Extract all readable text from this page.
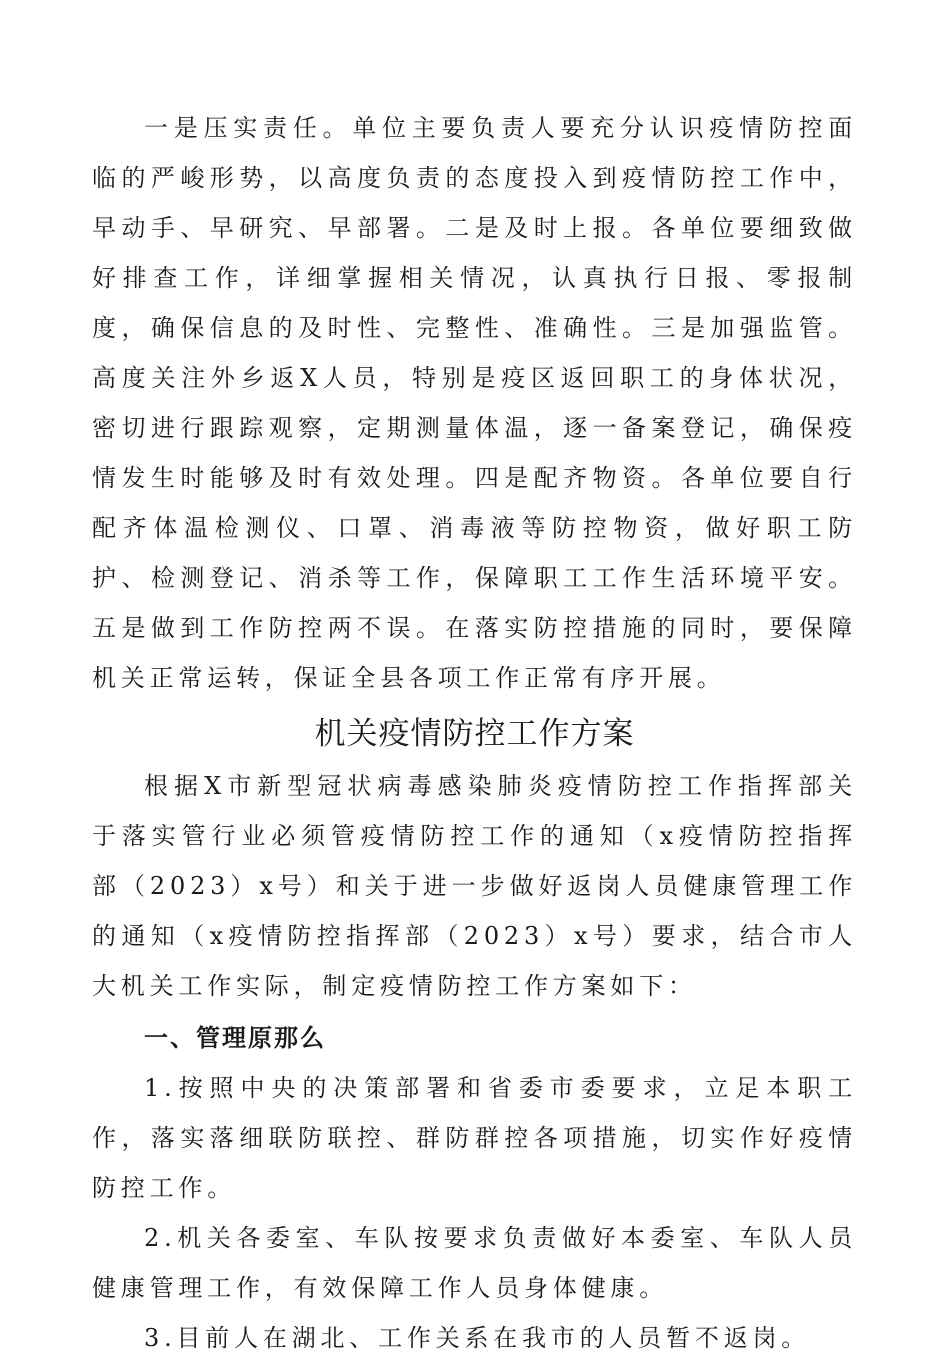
一是压实责任。单位主要负责人要充分认识疫情防控面临的严峻形势，以高度负责的态度投入到疫情防控工作中，早动手、早研究、早部署。二是及时上报。各单位要细致做好排查工作，详细掌握相关情况，认真执行日报、零报制度，确保信息的及时性、完整性、准确性。三是加强监管。高度关注外乡返X人员，特别是疫区返回职工的身体状况，密切进行跟踪观察，定期测量体温，逐一备案登记，确保疫情发生时能够及时有效处理。四是配齐物资。各单位要自行配齐体温检测仪、口罩、消毒液等防控物资，做好职工防护、检测登记、消杀等工作，保障职工工作生活环境平安。五是做到工作防控两不误。在落实防控措施的同时，要保障机关正常运转，保证全县各项工作正常有序开展。

机关疫情防控工作方案

根据X市新型冠状病毒感染肺炎疫情防控工作指挥部关于落实管行业必须管疫情防控工作的通知（x疫情防控指挥部（2023）x号）和关于进一步做好返岗人员健康管理工作的通知（x疫情防控指挥部（2023）x号）要求，结合市人大机关工作实际，制定疫情防控工作方案如下：

一、管理原那么

1.按照中央的决策部署和省委市委要求，立足本职工作，落实落细联防联控、群防群控各项措施，切实作好疫情防控工作。

2.机关各委室、车队按要求负责做好本委室、车队人员健康管理工作，有效保障工作人员身体健康。

3.目前人在湖北、工作关系在我市的人员暂不返岗。
